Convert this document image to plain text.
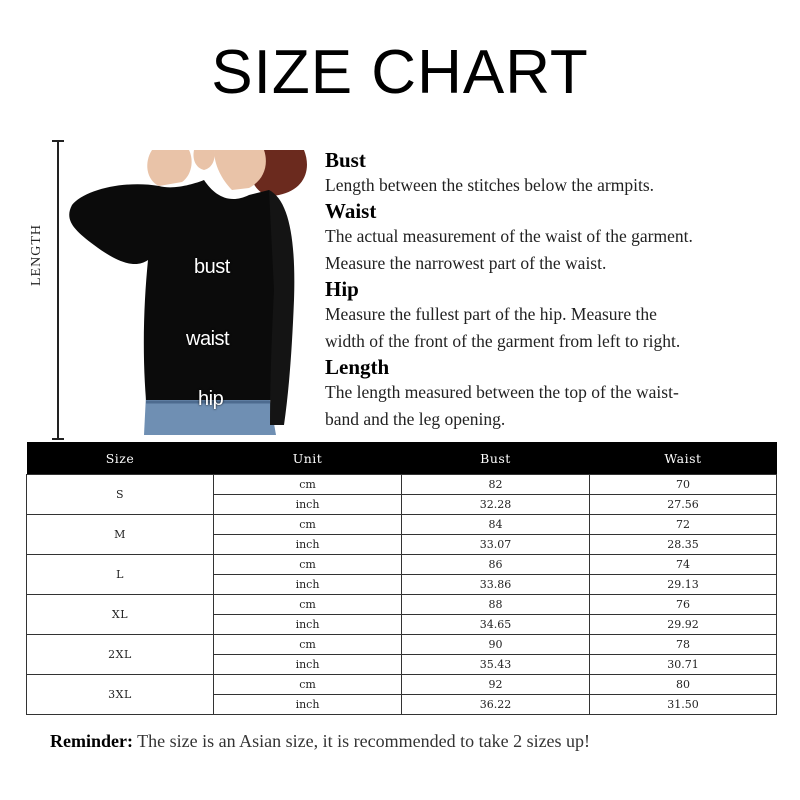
SIZE CHART
LENGTH	bust
waist
hip
Bust
Length between the stitches below the armpits.
Waist
The actual measurement of the waist of the garment.
Measure the narrowest part of the waist.
Hip
Measure the fullest part of the hip. Measure the
width of the front of the garment from left to right.
Length
The length measured between the top of the waist-
band and the leg opening.
Size	Unit	Bust	Waist
S	cm	82	70
	inch	32.28	27.56
M	cm	84	72
	inch	33.07	28.35
L	cm	86	74
	inch	33.86	29.13
XL	cm	88	76
	inch	34.65	29.92
2XL	cm	90	78
	inch	35.43	30.71
3XL	cm	92	80
	inch	36.22	31.50
Reminder: The size is an Asian size, it is recommended to take 2 sizes up!
